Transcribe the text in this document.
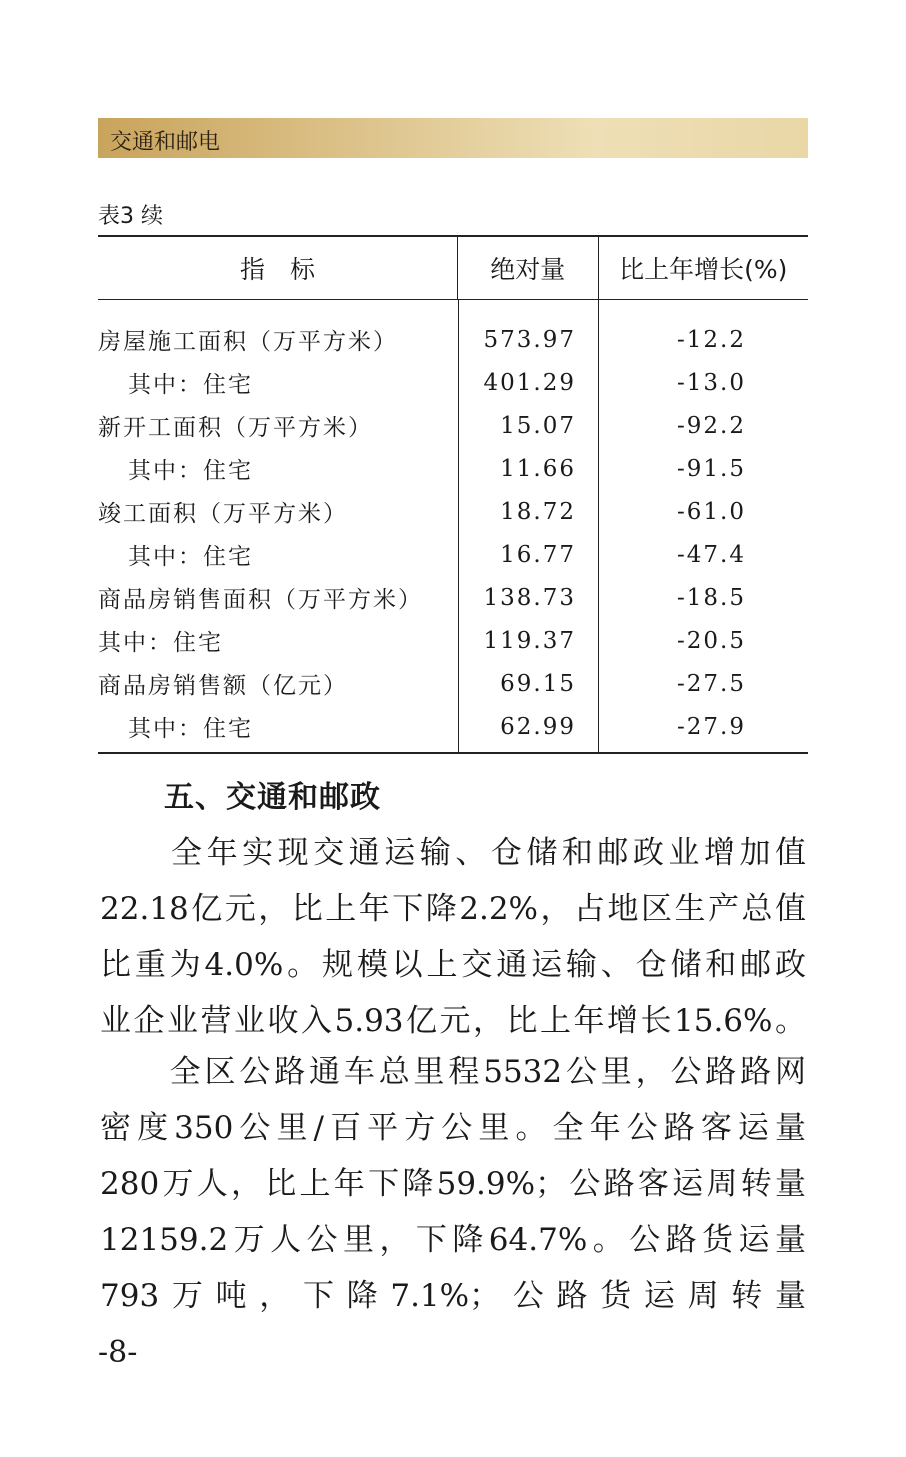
交通和邮电
表3 续
指　标	绝对量	比上年增长(%)
房屋施工面积（万平方米）	573.97	-12.2
其中：住宅	401.29	-13.0
新开工面积（万平方米）	15.07	-92.2
其中：住宅	11.66	-91.5
竣工面积（万平方米）	18.72	-61.0
其中：住宅	16.77	-47.4
商品房销售面积（万平方米）	138.73	-18.5
其中：住宅	119.37	-20.5
商品房销售额（亿元）	69.15	-27.5
其中：住宅	62.99	-27.9
五、交通和邮政
　　全年实现交通运输、仓储和邮政业增加值
22.18亿元，比上年下降2.2%，占地区生产总值
比重为4.0%。规模以上交通运输、仓储和邮政
业企业营业收入5.93亿元，比上年增长15.6%。
　　全区公路通车总里程5532公里，公路路网
密度350公里/百平方公里。全年公路客运量
280万人，比上年下降59.9%；公路客运周转量
12159.2万人公里，下降64.7%。公路货运量
793万吨，下降7.1%；公路货运周转量
-8-
